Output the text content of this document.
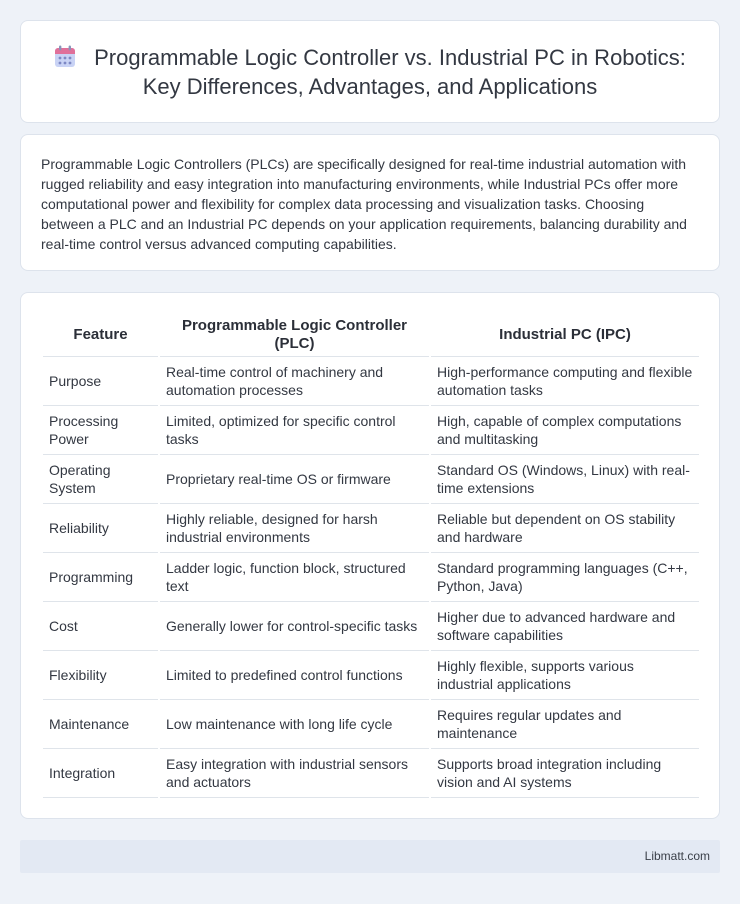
Programmable Logic Controller vs. Industrial PC in Robotics: Key Differences, Advantages, and Applications

Programmable Logic Controllers (PLCs) are specifically designed for real-time industrial automation with rugged reliability and easy integration into manufacturing environments, while Industrial PCs offer more computational power and flexibility for complex data processing and visualization tasks. Choosing between a PLC and an Industrial PC depends on your application requirements, balancing durability and real-time control versus advanced computing capabilities.

Feature	Programmable Logic Controller (PLC)	Industrial PC (IPC)
Purpose	Real-time control of machinery and automation processes	High-performance computing and flexible automation tasks
Processing Power	Limited, optimized for specific control tasks	High, capable of complex computations and multitasking
Operating System	Proprietary real-time OS or firmware	Standard OS (Windows, Linux) with real-time extensions
Reliability	Highly reliable, designed for harsh industrial environments	Reliable but dependent on OS stability and hardware
Programming	Ladder logic, function block, structured text	Standard programming languages (C++, Python, Java)
Cost	Generally lower for control-specific tasks	Higher due to advanced hardware and software capabilities
Flexibility	Limited to predefined control functions	Highly flexible, supports various industrial applications
Maintenance	Low maintenance with long life cycle	Requires regular updates and maintenance
Integration	Easy integration with industrial sensors and actuators	Supports broad integration including vision and AI systems
Libmatt.com
